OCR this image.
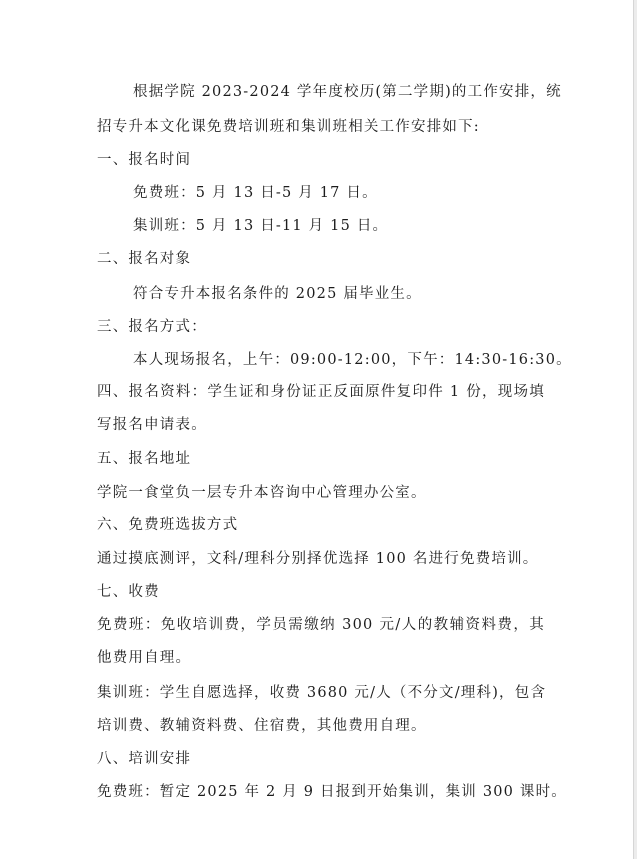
根据学院 2023-2024 学年度校历(第二学期)的工作安排，统
招专升本文化课免费培训班和集训班相关工作安排如下:
一、报名时间
免费班：5 月 13 日-5 月 17 日。
集训班：5 月 13 日-11 月 15 日。
二、报名对象
符合专升本报名条件的 2025 届毕业生。
三、报名方式：
本人现场报名，上午：09:00-12:00，下午：14:30-16:30。
四、报名资料：学生证和身份证正反面原件复印件 1 份，现场填
写报名申请表。
五、报名地址
学院一食堂负一层专升本咨询中心管理办公室。
六、免费班选拔方式
通过摸底测评，文科/理科分别择优选择 100 名进行免费培训。
七、收费
免费班：免收培训费，学员需缴纳 300 元/人的教辅资料费，其
他费用自理。
集训班：学生自愿选择，收费 3680 元/人（不分文/理科)，包含
培训费、教辅资料费、住宿费，其他费用自理。
八、培训安排
免费班：暂定 2025 年 2 月 9 日报到开始集训，集训 300 课时。
